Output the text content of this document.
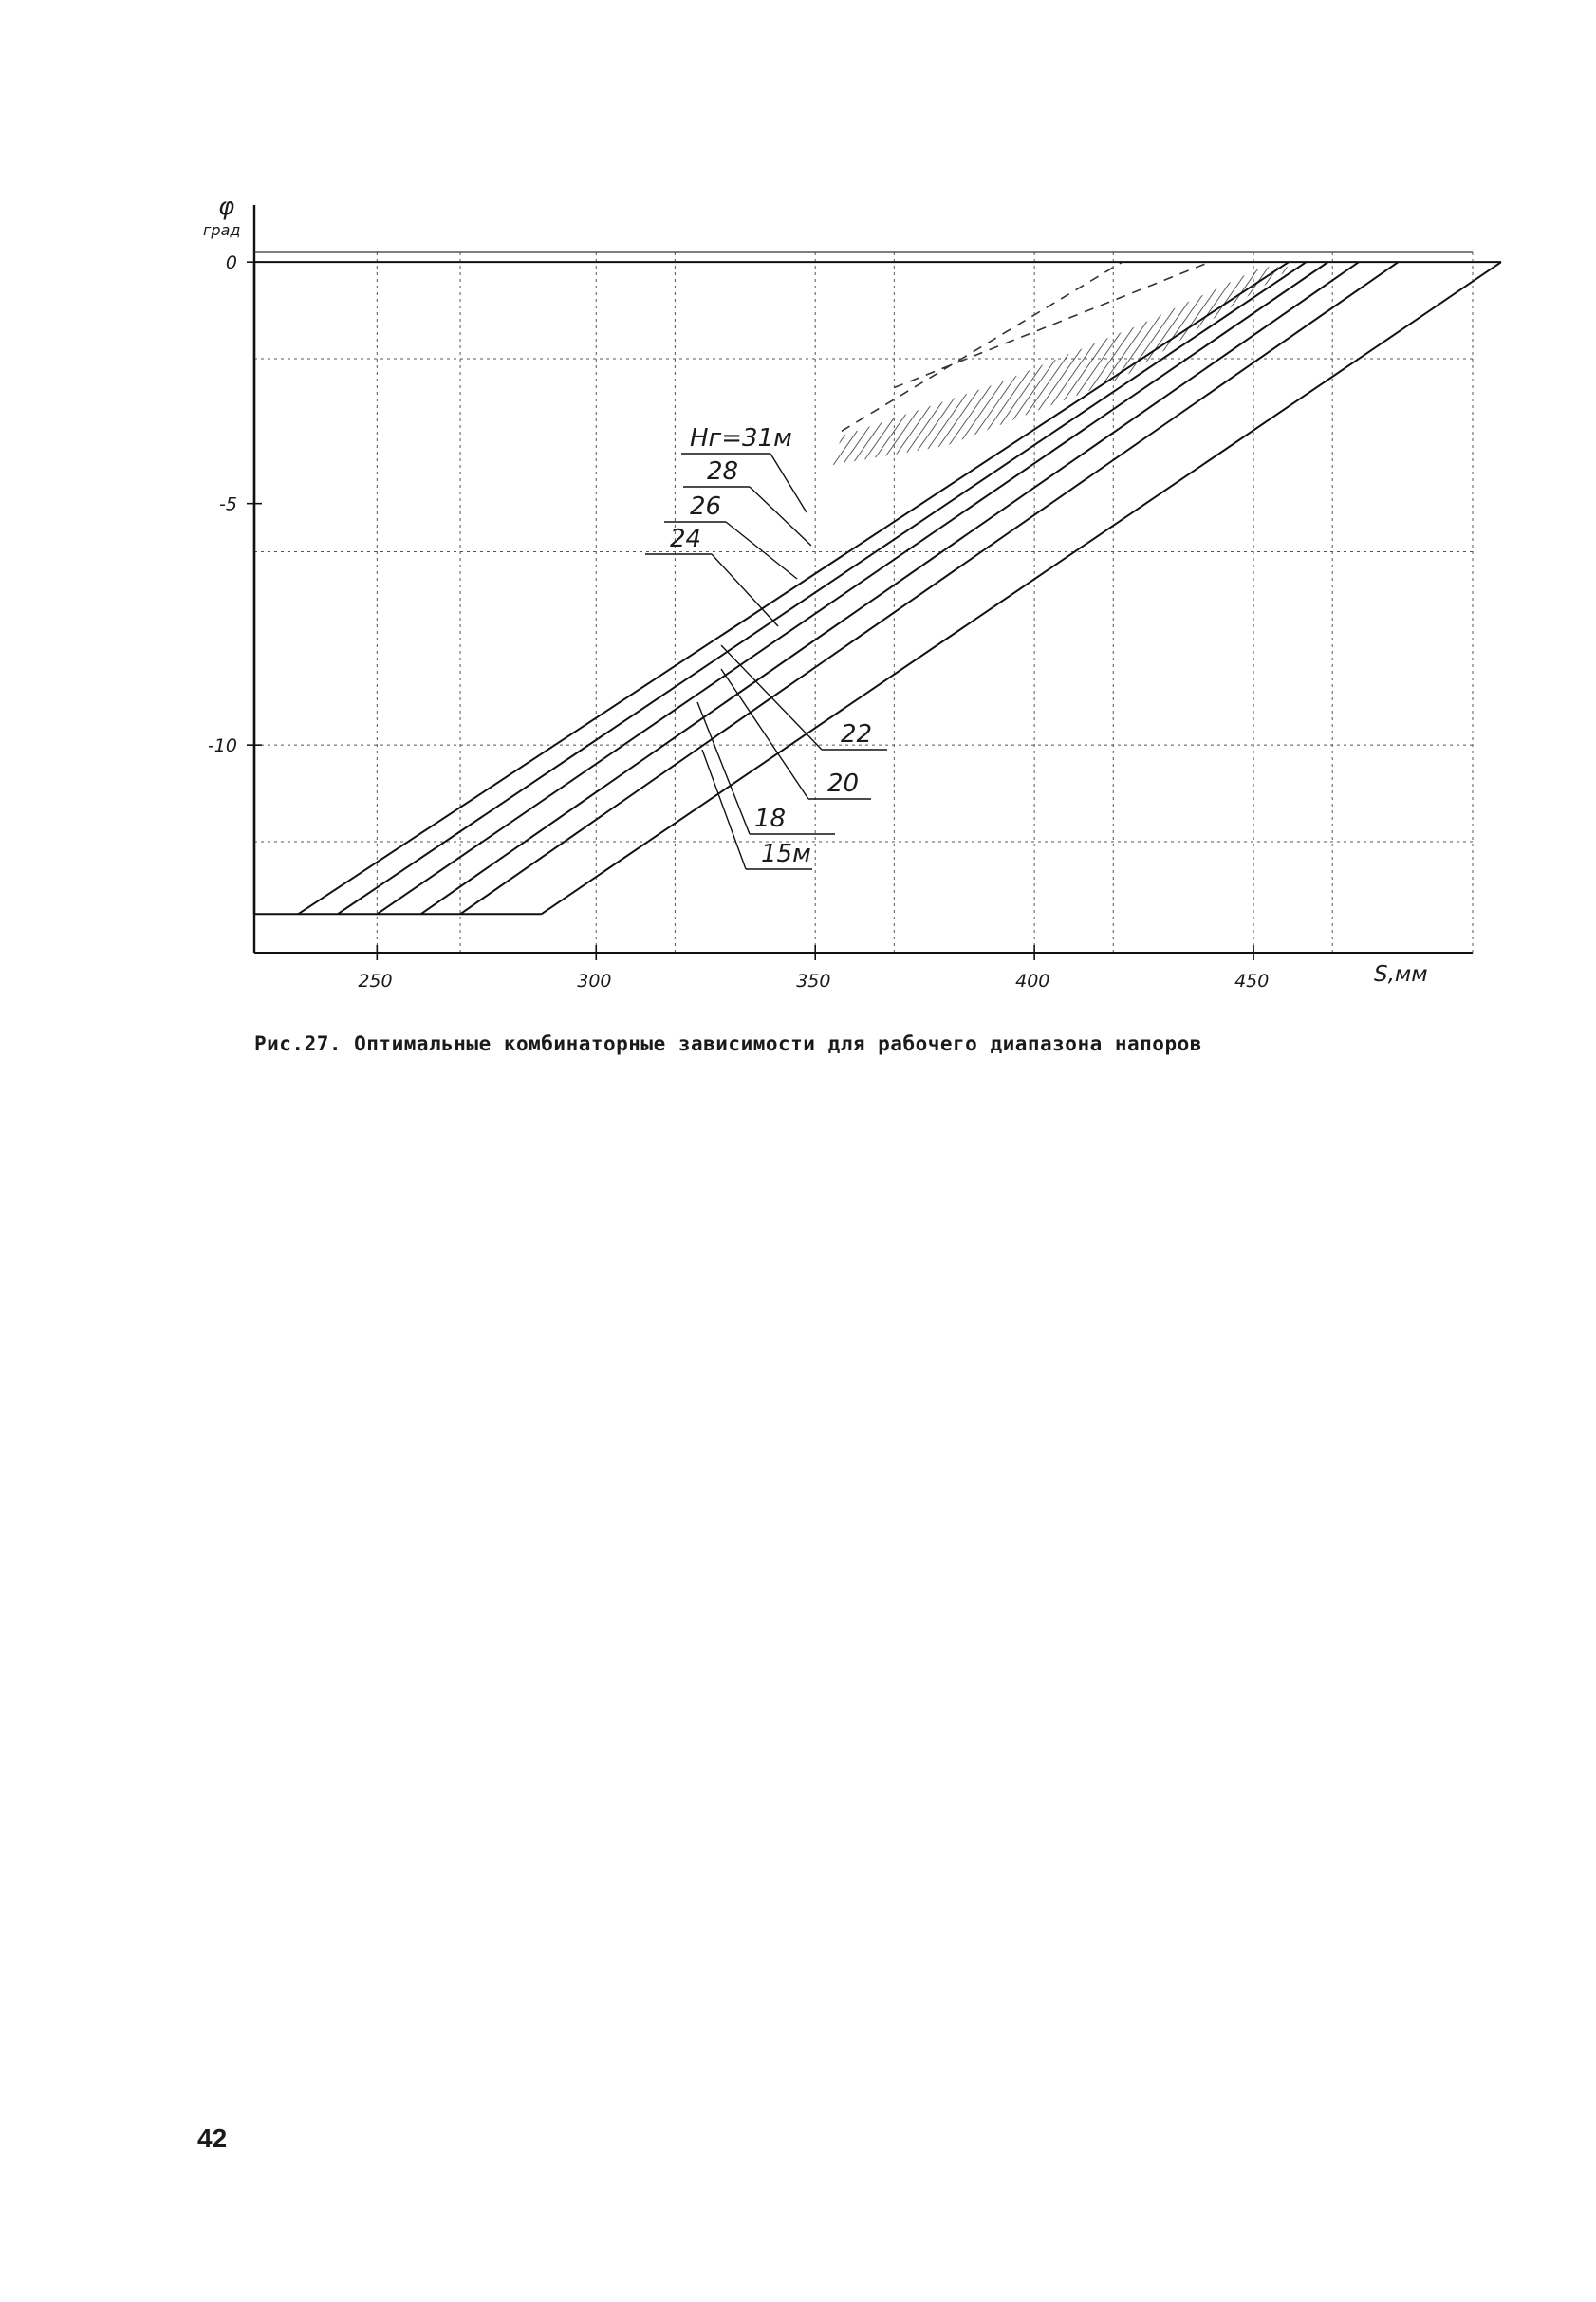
250	300	350	400	450
0
-5
-10
Нг=31м
28
26
24
22
20
18
15м
φ
град
S,мм
Рис.27. Оптимальные комбинаторные зависимости для рабочего диапазона напоров
42
